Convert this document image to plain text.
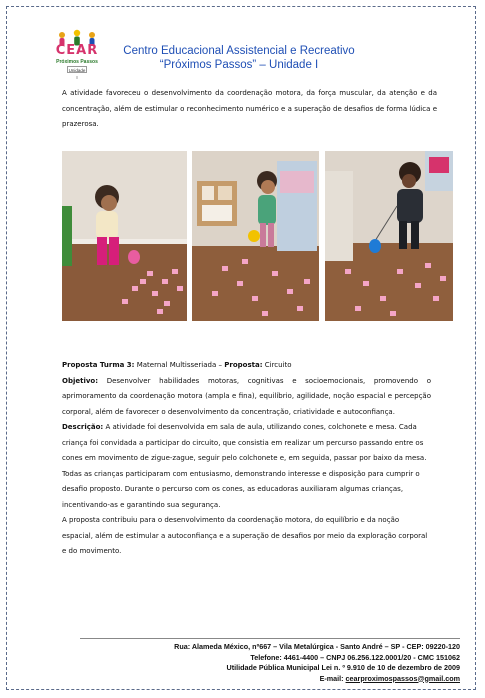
CEAR
Próximos Passos
Unidade I
Centro Educacional Assistencial e Recreativo
“Próximos Passos” – Unidade I
A atividade favoreceu o desenvolvimento da coordenação motora, da força muscular, da atenção e da concentração, além de estimular o reconhecimento numérico e a superação de desafios de forma lúdica e prazerosa.

Proposta Turma 3: Maternal Multisseriada – Proposta: Circuito

Objetivo: Desenvolver habilidades motoras, cognitivas e socioemocionais, promovendo o aprimoramento da coordenação motora (ampla e fina), equilíbrio, agilidade, noção espacial e percepção corporal, além de favorecer o desenvolvimento da concentração, criatividade e autoconfiança.

Descrição: A atividade foi desenvolvida em sala de aula, utilizando cones, colchonete e mesa. Cada criança foi convidada a participar do circuito, que consistia em realizar um percurso passando entre os cones em movimento de zigue-zague, seguir pelo colchonete e, em seguida, passar por baixo da mesa. Todas as crianças participaram com entusiasmo, demonstrando interesse e disposição para cumprir o desafio proposto. Durante o percurso com os cones, as educadoras auxiliaram algumas crianças, incentivando-as e garantindo sua segurança.

A proposta contribuiu para o desenvolvimento da coordenação motora, do equilíbrio e da noção espacial, além de estimular a autoconfiança e a superação de desafios por meio da exploração corporal e do movimento.

Rua: Alameda México, nº667 – Vila Metalúrgica - Santo André – SP - CEP: 09220-120
Telefone: 4461-4400 – CNPJ 06.256.122.0001/20 - CMC 151062
Utilidade Pública Municipal Lei n. º 9.910 de 10 de dezembro de 2009
E-mail: cearproximospassos@gmail.com
